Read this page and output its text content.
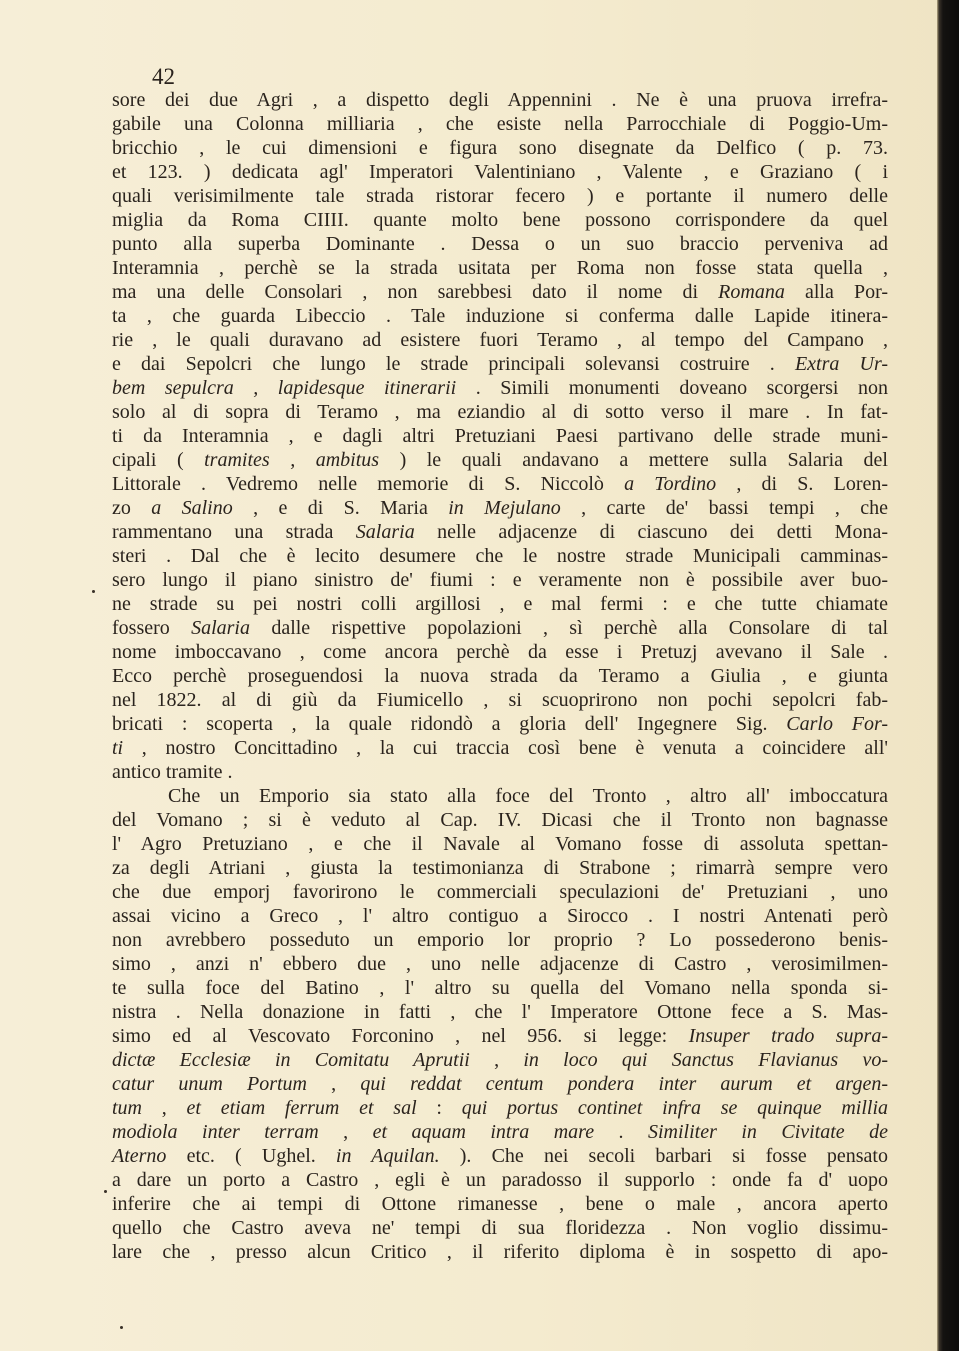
42
sore dei due Agri , a dispetto degli Appennini . Ne è una pruova irrefra-
gabile una Colonna milliaria , che esiste nella Parrocchiale di Poggio-Um-
bricchio , le cui dimensioni e figura sono disegnate da Delfico ( p. 73.
et 123. ) dedicata agl' Imperatori Valentiniano , Valente , e Graziano ( i
quali verisimilmente tale strada ristorar fecero ) e portante il numero delle
miglia da Roma CIIII. quante molto bene possono corrispondere da quel
punto alla superba Dominante . Dessa o un suo braccio perveniva ad
Interamnia , perchè se la strada usitata per Roma non fosse stata quella ,
ma una delle Consolari , non sarebbesi dato il nome di Romana alla Por-
ta , che guarda Libeccio . Tale induzione si conferma dalle Lapide itinera-
rie , le quali duravano ad esistere fuori Teramo , al tempo del Campano ,
e dai Sepolcri che lungo le strade principali solevansi costruire . Extra Ur-
bem sepulcra , lapidesque itinerarii . Simili monumenti doveano scorgersi non
solo al di sopra di Teramo , ma eziandio al di sotto verso il mare . In fat-
ti da Interamnia , e dagli altri Pretuziani Paesi partivano delle strade muni-
cipali ( tramites , ambitus ) le quali andavano a mettere sulla Salaria del
Littorale . Vedremo nelle memorie di S. Niccolò a Tordino , di S. Loren-
zo a Salino , e di S. Maria in Mejulano , carte de' bassi tempi , che
rammentano una strada Salaria nelle adjacenze di ciascuno dei detti Mona-
steri . Dal che è lecito desumere che le nostre strade Municipali camminas-
sero lungo il piano sinistro de' fiumi : e veramente non è possibile aver buo-
ne strade su pei nostri colli argillosi , e mal fermi : e che tutte chiamate
fossero Salaria dalle rispettive popolazioni , sì perchè alla Consolare di tal
nome imboccavano , come ancora perchè da esse i Pretuzj avevano il Sale .
Ecco perchè proseguendosi la nuova strada da Teramo a Giulia , e giunta
nel 1822. al di giù da Fiumicello , si scuoprirono non pochi sepolcri fab-
bricati : scoperta , la quale ridondò a gloria dell' Ingegnere Sig. Carlo For-
ti , nostro Concittadino , la cui traccia così bene è venuta a coincidere all'
antico tramite .
Che un Emporio sia stato alla foce del Tronto , altro all' imboccatura
del Vomano ; si è veduto al Cap. IV. Dicasi che il Tronto non bagnasse
l' Agro Pretuziano , e che il Navale al Vomano fosse di assoluta spettan-
za degli Atriani , giusta la testimonianza di Strabone ; rimarrà sempre vero
che due emporj favorirono le commerciali speculazioni de' Pretuziani , uno
assai vicino a Greco , l' altro contiguo a Sirocco . I nostri Antenati però
non avrebbero posseduto un emporio lor proprio ? Lo possederono benis-
simo , anzi n' ebbero due , uno nelle adjacenze di Castro , verosimilmen-
te sulla foce del Batino , l' altro su quella del Vomano nella sponda si-
nistra . Nella donazione in fatti , che l' Imperatore Ottone fece a S. Mas-
simo ed al Vescovato Forconino , nel 956. si legge: Insuper trado supra-
dictæ Ecclesiæ in Comitatu Aprutii , in loco qui Sanctus Flavianus vo-
catur unum Portum , qui reddat centum pondera inter aurum et argen-
tum , et etiam ferrum et sal : qui portus continet infra se quinque millia
modiola inter terram , et aquam intra mare . Similiter in Civitate de
Aterno etc. ( Ughel. in Aquilan. ). Che nei secoli barbari si fosse pensato
a dare un porto a Castro , egli è un paradosso il supporlo : onde fa d' uopo
inferire che ai tempi di Ottone rimanesse , bene o male , ancora aperto
quello che Castro aveva ne' tempi di sua floridezza . Non voglio dissimu-
lare che , presso alcun Critico , il riferito diploma è in sospetto di apo-
